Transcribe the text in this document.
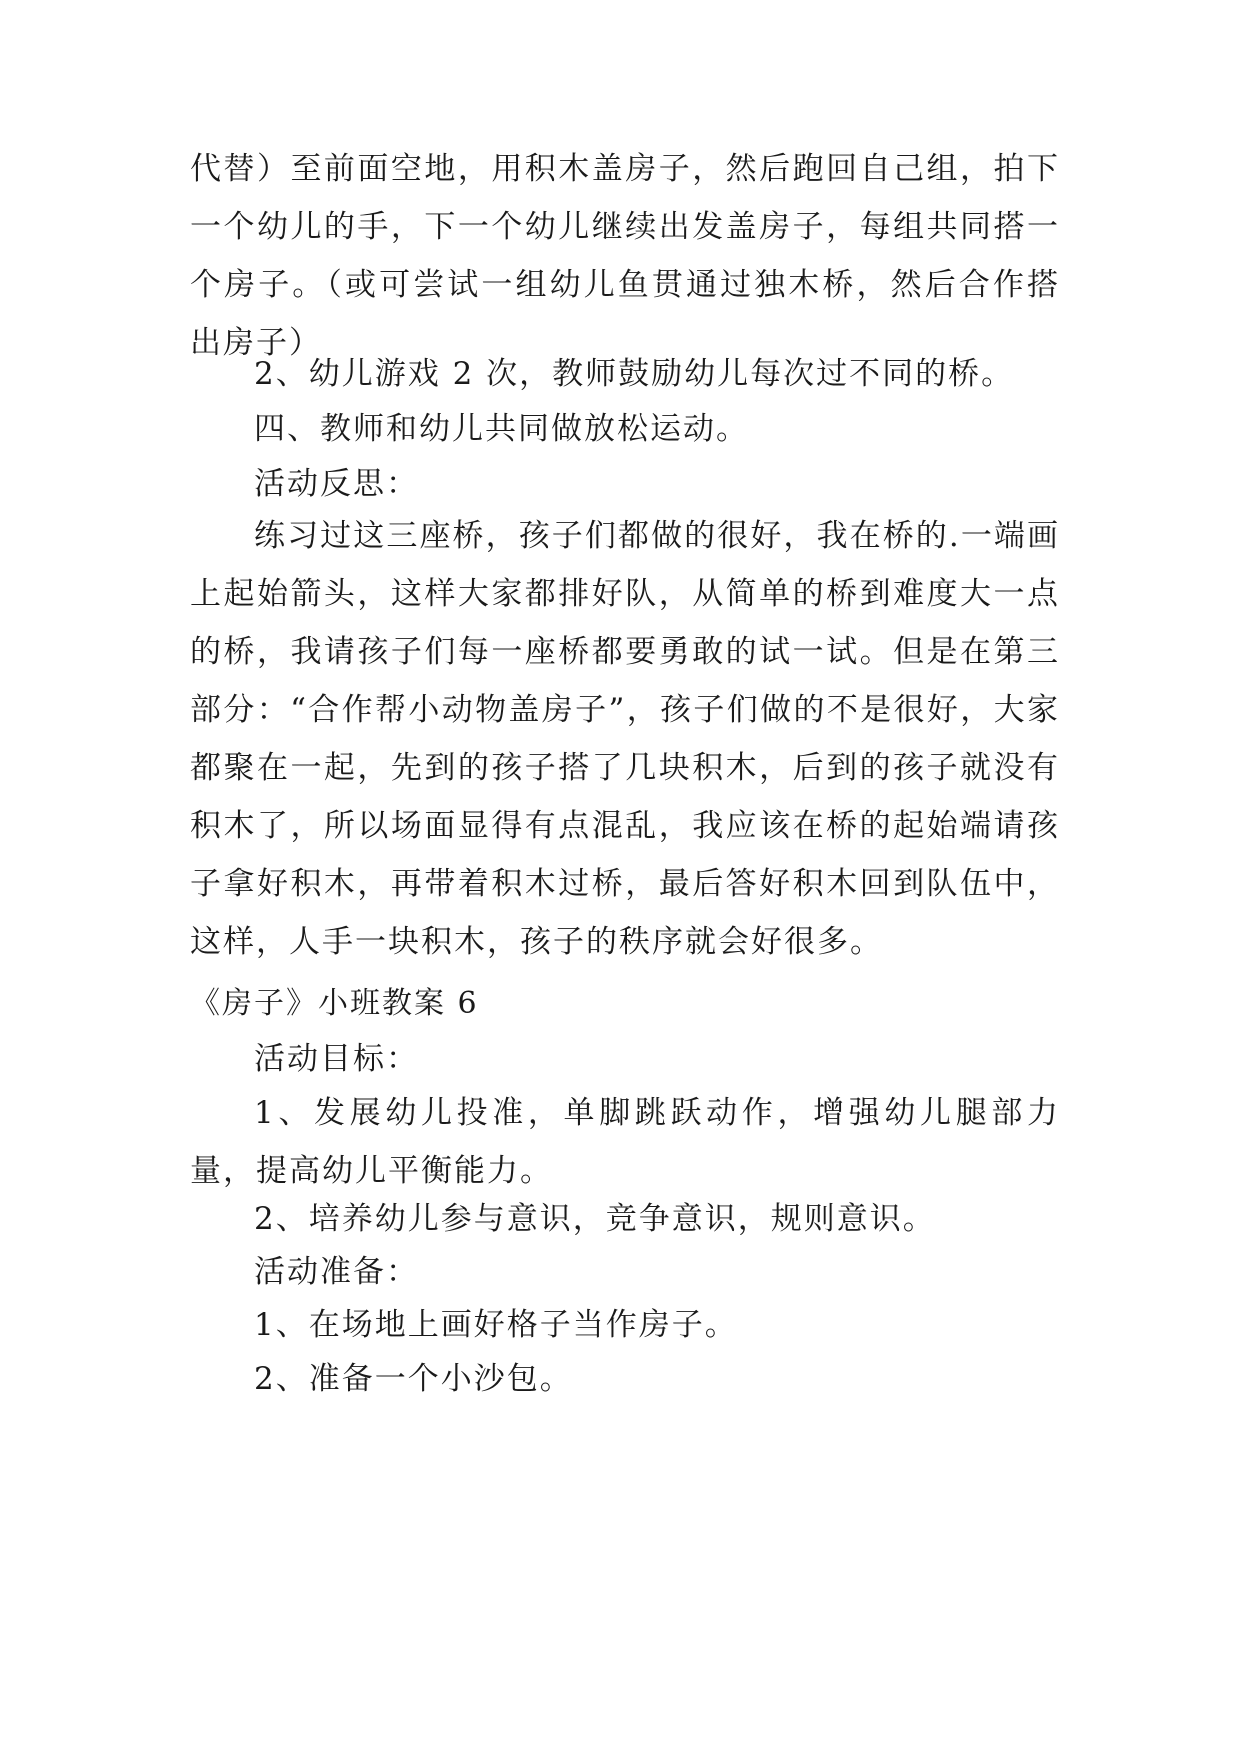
代替）至前面空地，用积木盖房子，然后跑回自己组，拍下一个幼儿的手，下一个幼儿继续出发盖房子，每组共同搭一个房子。（或可尝试一组幼儿鱼贯通过独木桥，然后合作搭出房子）

2、幼儿游戏 2 次，教师鼓励幼儿每次过不同的桥。

四、教师和幼儿共同做放松运动。

活动反思：

练习过这三座桥，孩子们都做的很好，我在桥的.一端画上起始箭头，这样大家都排好队，从简单的桥到难度大一点的桥，我请孩子们每一座桥都要勇敢的试一试。但是在第三部分：“合作帮小动物盖房子”，孩子们做的不是很好，大家都聚在一起，先到的孩子搭了几块积木，后到的孩子就没有积木了，所以场面显得有点混乱，我应该在桥的起始端请孩子拿好积木，再带着积木过桥，最后答好积木回到队伍中，这样，人手一块积木，孩子的秩序就会好很多。

《房子》小班教案 6

活动目标：

1、发展幼儿投准，单脚跳跃动作，增强幼儿腿部力量，提高幼儿平衡能力。

2、培养幼儿参与意识，竞争意识，规则意识。

活动准备：

1、在场地上画好格子当作房子。

2、准备一个小沙包。
